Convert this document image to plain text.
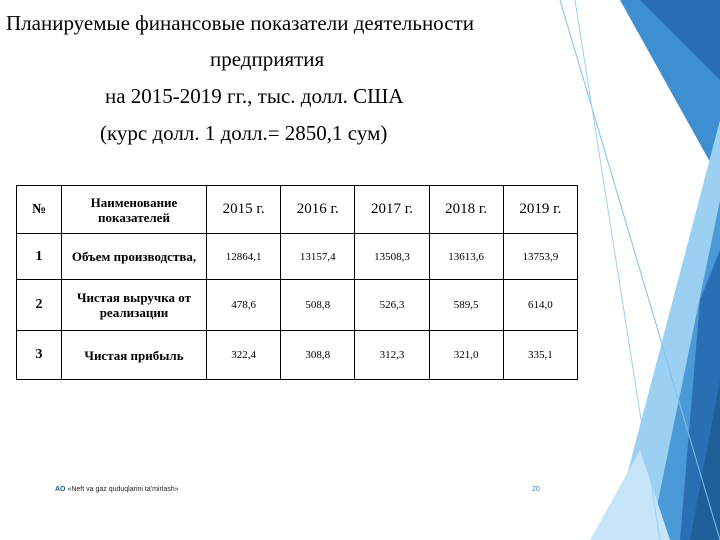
Планируемые финансовые показатели деятельности
предприятия
на 2015-2019 гг., тыс. долл. США
(курс долл. 1 долл.= 2850,1 сум)
№	Наименование показателей	2015 г.	2016 г.	2017 г.	2018 г.	2019 г.
1	Объем производства,	12864,1	13157,4	13508,3	13613,6	13753,9
2	Чистая выручка от реализации	478,6	508,8	526,3	589,5	614,0
3	Чистая прибыль	322,4	308,8	312,3	321,0	335,1
AO «Neft va gaz quduqlarini ta'mirlash»	20
